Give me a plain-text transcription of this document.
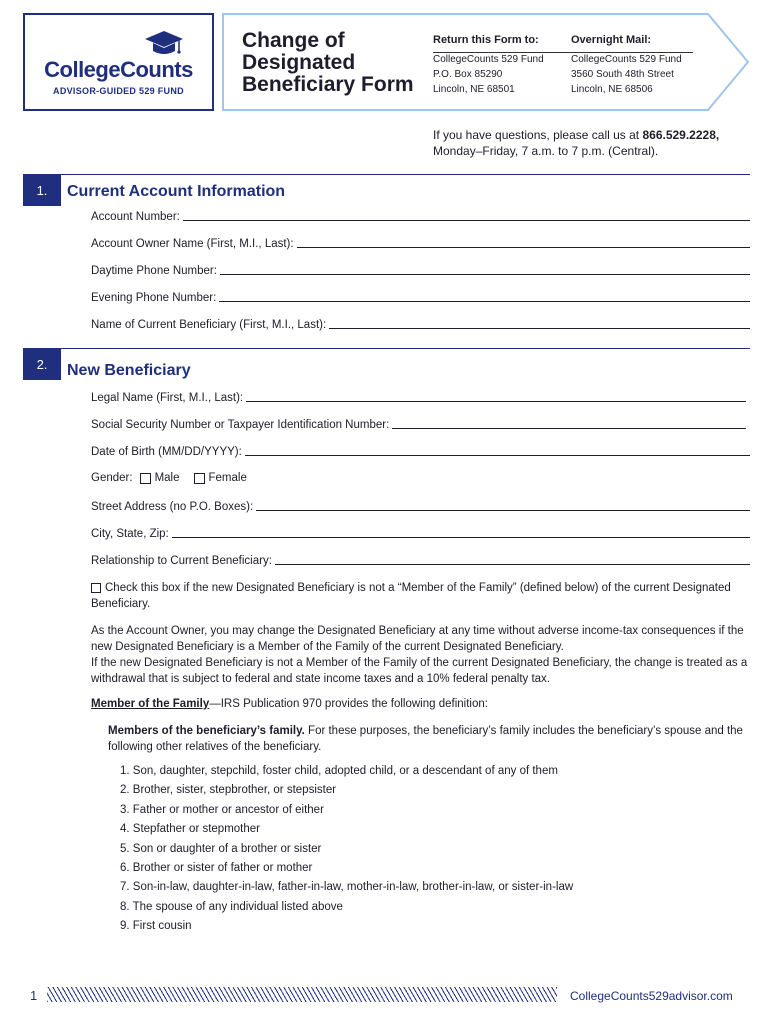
CollegeCounts
ADVISOR-GUIDED 529 FUND
Change of
Designated
Beneficiary Form
Return this Form to:
CollegeCounts 529 Fund
P.O. Box 85290
Lincoln, NE 68501
Overnight Mail:
CollegeCounts 529 Fund
3560 South 48th Street
Lincoln, NE 68506
If you have questions, please call us at 866.529.2228,
Monday–Friday, 7 a.m. to 7 p.m. (Central).
1.	Current Account Information
Account Number:
Account Owner Name (First, M.I., Last):
Daytime Phone Number:
Evening Phone Number:
Name of Current Beneficiary (First, M.I., Last):
2.	New Beneficiary
Legal Name (First, M.I., Last):
Social Security Number or Taxpayer Identification Number:
Date of Birth (MM/DD/YYYY):
Gender: Male	Female
Street Address (no P.O. Boxes):
City, State, Zip:
Relationship to Current Beneficiary:
Check this box if the new Designated Beneficiary is not a “Member of the Family” (defined below) of the current Designated Beneficiary.
As the Account Owner, you may change the Designated Beneficiary at any time without adverse income-tax consequences if the new Designated Beneficiary is a Member of the Family of the current Designated Beneficiary.
If the new Designated Beneficiary is not a Member of the Family of the current Designated Beneficiary, the change is treated as a withdrawal that is subject to federal and state income taxes and a 10% federal penalty tax.
Member of the Family—IRS Publication 970 provides the following definition:
Members of the beneficiary’s family. For these purposes, the beneficiary’s family includes the beneficiary’s spouse and the following other relatives of the beneficiary.
1. Son, daughter, stepchild, foster child, adopted child, or a descendant of any of them
2. Brother, sister, stepbrother, or stepsister
3. Father or mother or ancestor of either
4. Stepfather or stepmother
5. Son or daughter of a brother or sister
6. Brother or sister of father or mother
7. Son-in-law, daughter-in-law, father-in-law, mother-in-law, brother-in-law, or sister-in-law
8. The spouse of any individual listed above
9. First cousin
1	CollegeCounts529advisor.com
